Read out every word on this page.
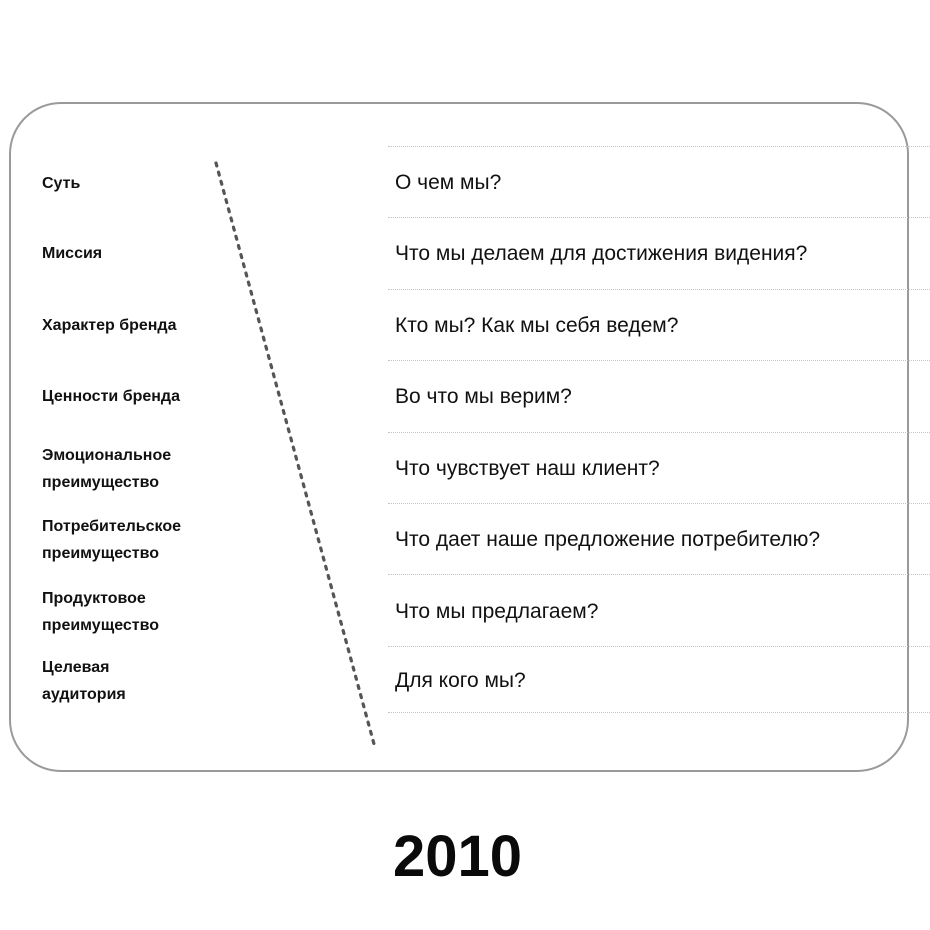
Суть
Миссия
Характер бренда
Ценности бренда
Эмоциональное
преимущество
Потребительское
преимущество
Продуктовое
преимущество
Целевая
аудитория
О чем мы?
Что мы делаем для достижения видения?
Кто мы? Как мы себя ведем?
Во что мы верим?
Что чувствует наш клиент?
Что дает наше предложение потребителю?
Что мы предлагаем?
Для кого мы?
2010
